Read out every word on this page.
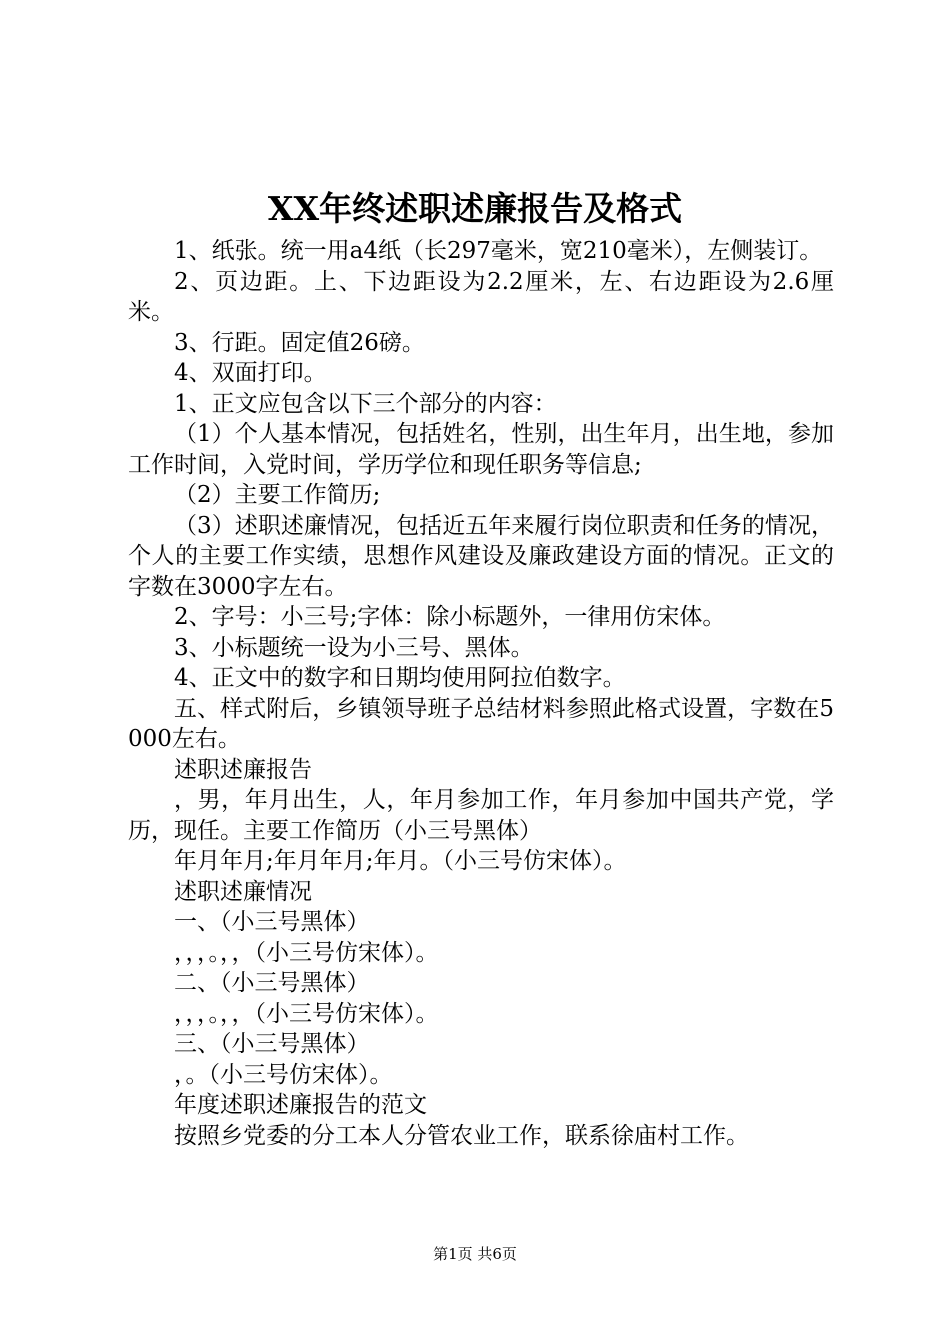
XX年终述职述廉报告及格式

1、纸张。统一用a4纸（长297毫米，宽210毫米），左侧装订。

2、页边距。上、下边距设为2.2厘米，左、右边距设为2.6厘米。

3、行距。固定值26磅。

4、双面打印。

1、正文应包含以下三个部分的内容：

（1）个人基本情况，包括姓名，性别，出生年月，出生地，参加工作时间，入党时间，学历学位和现任职务等信息;

（2）主要工作简历;

（3）述职述廉情况，包括近五年来履行岗位职责和任务的情况，个人的主要工作实绩，思想作风建设及廉政建设方面的情况。正文的字数在3000字左右。

2、字号：小三号;字体：除小标题外，一律用仿宋体。

3、小标题统一设为小三号、黑体。

4、正文中的数字和日期均使用阿拉伯数字。

五、样式附后，乡镇领导班子总结材料参照此格式设置，字数在5000左右。

述职述廉报告

，男，年月出生，人，年月参加工作，年月参加中国共产党，学历，现任。主要工作简历（小三号黑体）

年月年月;年月年月;年月。（小三号仿宋体）。

述职述廉情况

一、（小三号黑体）

，，，。，，（小三号仿宋体）。

二、（小三号黑体）

，，，。，，（小三号仿宋体）。

三、（小三号黑体）

，。（小三号仿宋体）。

年度述职述廉报告的范文

按照乡党委的分工本人分管农业工作，联系徐庙村工作。

第1页 共6页
